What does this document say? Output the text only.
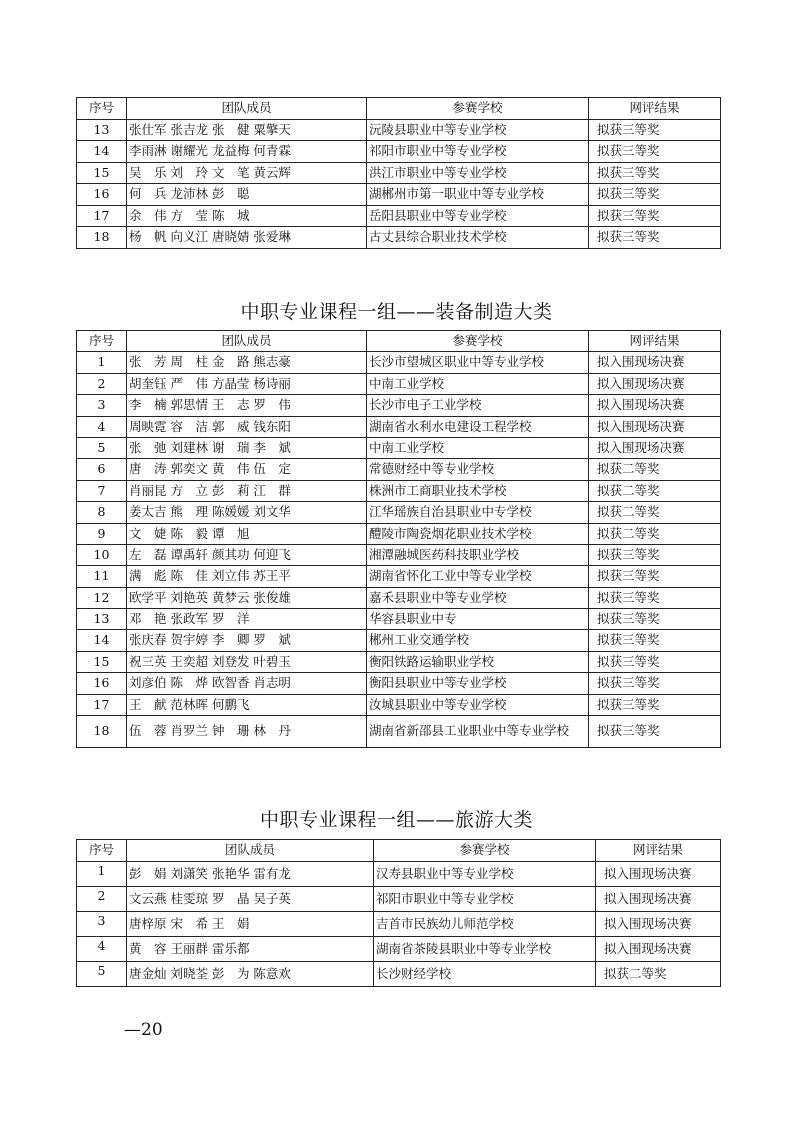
序号	团队成员	参赛学校	网评结果
13	张仕军 张吉龙 张　健 粟擎天	沅陵县职业中等专业学校	拟获三等奖
14	李雨淋 谢耀光 龙益梅 何青霖	祁阳市职业中等专业学校	拟获三等奖
15	吴　乐 刘　玲 文　笔 黄云辉	洪江市职业中等专业学校	拟获三等奖
16	何　兵 龙沛林 彭　聪	湖郴州市第一职业中等专业学校	拟获三等奖
17	余　伟 方　莹 陈　城	岳阳县职业中等专业学校	拟获三等奖
18	杨　帆 向义江 唐晓婧 张爱琳	古丈县综合职业技术学校	拟获三等奖
中职专业课程一组——装备制造大类
序号	团队成员	参赛学校	网评结果
1	张　芳 周　柱 金　路 熊志豪	长沙市望城区职业中等专业学校	拟入围现场决赛
2	胡奎钰 严　伟 方晶莹 杨诗丽	中南工业学校	拟入围现场决赛
3	李　楠 郭思情 王　志 罗　伟	长沙市电子工业学校	拟入围现场决赛
4	周映霓 容　洁 郭　威 钱东阳	湖南省水利水电建设工程学校	拟入围现场决赛
5	张　弛 刘建林 谢　瑞 李　斌	中南工业学校	拟入围现场决赛
6	唐　涛 郭奕文 黄　伟 伍　定	常德财经中等专业学校	拟获二等奖
7	肖丽昆 方　立 彭　莉 江　群	株洲市工商职业技术学校	拟获二等奖
8	姜太吉 熊　理 陈媛媛 刘文华	江华瑶族自治县职业中专学校	拟获二等奖
9	文　婕 陈　毅 谭　旭	醴陵市陶瓷烟花职业技术学校	拟获二等奖
10	左　磊 谭禹轩 颜其功 何迎飞	湘潭融城医药科技职业学校	拟获三等奖
11	满　彪 陈　佳 刘立伟 苏王平	湖南省怀化工业中等专业学校	拟获三等奖
12	欧学平 刘艳英 黄梦云 张俊雄	嘉禾县职业中等专业学校	拟获三等奖
13	邓　艳 张政军 罗　洋	华容县职业中专	拟获三等奖
14	张庆春 贺宇婷 李　卿 罗　斌	郴州工业交通学校	拟获三等奖
15	祝三英 王奕超 刘登发 叶碧玉	衡阳铁路运输职业学校	拟获三等奖
16	刘彦伯 陈　烨 欧智香 肖志明	衡阳县职业中等专业学校	拟获三等奖
17	王　献 范林晖 何鹏飞	汝城县职业中等专业学校	拟获三等奖
18	伍　蓉 肖罗兰 钟　珊 林　丹	湖南省新邵县工业职业中等专业学校	拟获三等奖
中职专业课程一组——旅游大类
序号	团队成员	参赛学校	网评结果
1	彭　娟 刘潇笑 张艳华 雷有龙	汉寿县职业中等专业学校	拟入围现场决赛
2	文云燕 桂雯琼 罗　晶 吴子英	祁阳市职业中等专业学校	拟入围现场决赛
3	唐梓原 宋　希 王　娟	吉首市民族幼儿师范学校	拟入围现场决赛
4	黄　容 王丽群 雷乐都	湖南省茶陵县职业中等专业学校	拟入围现场决赛
5	唐金灿 刘晓荃 彭　为 陈意欢	长沙财经学校	拟获二等奖
—20
